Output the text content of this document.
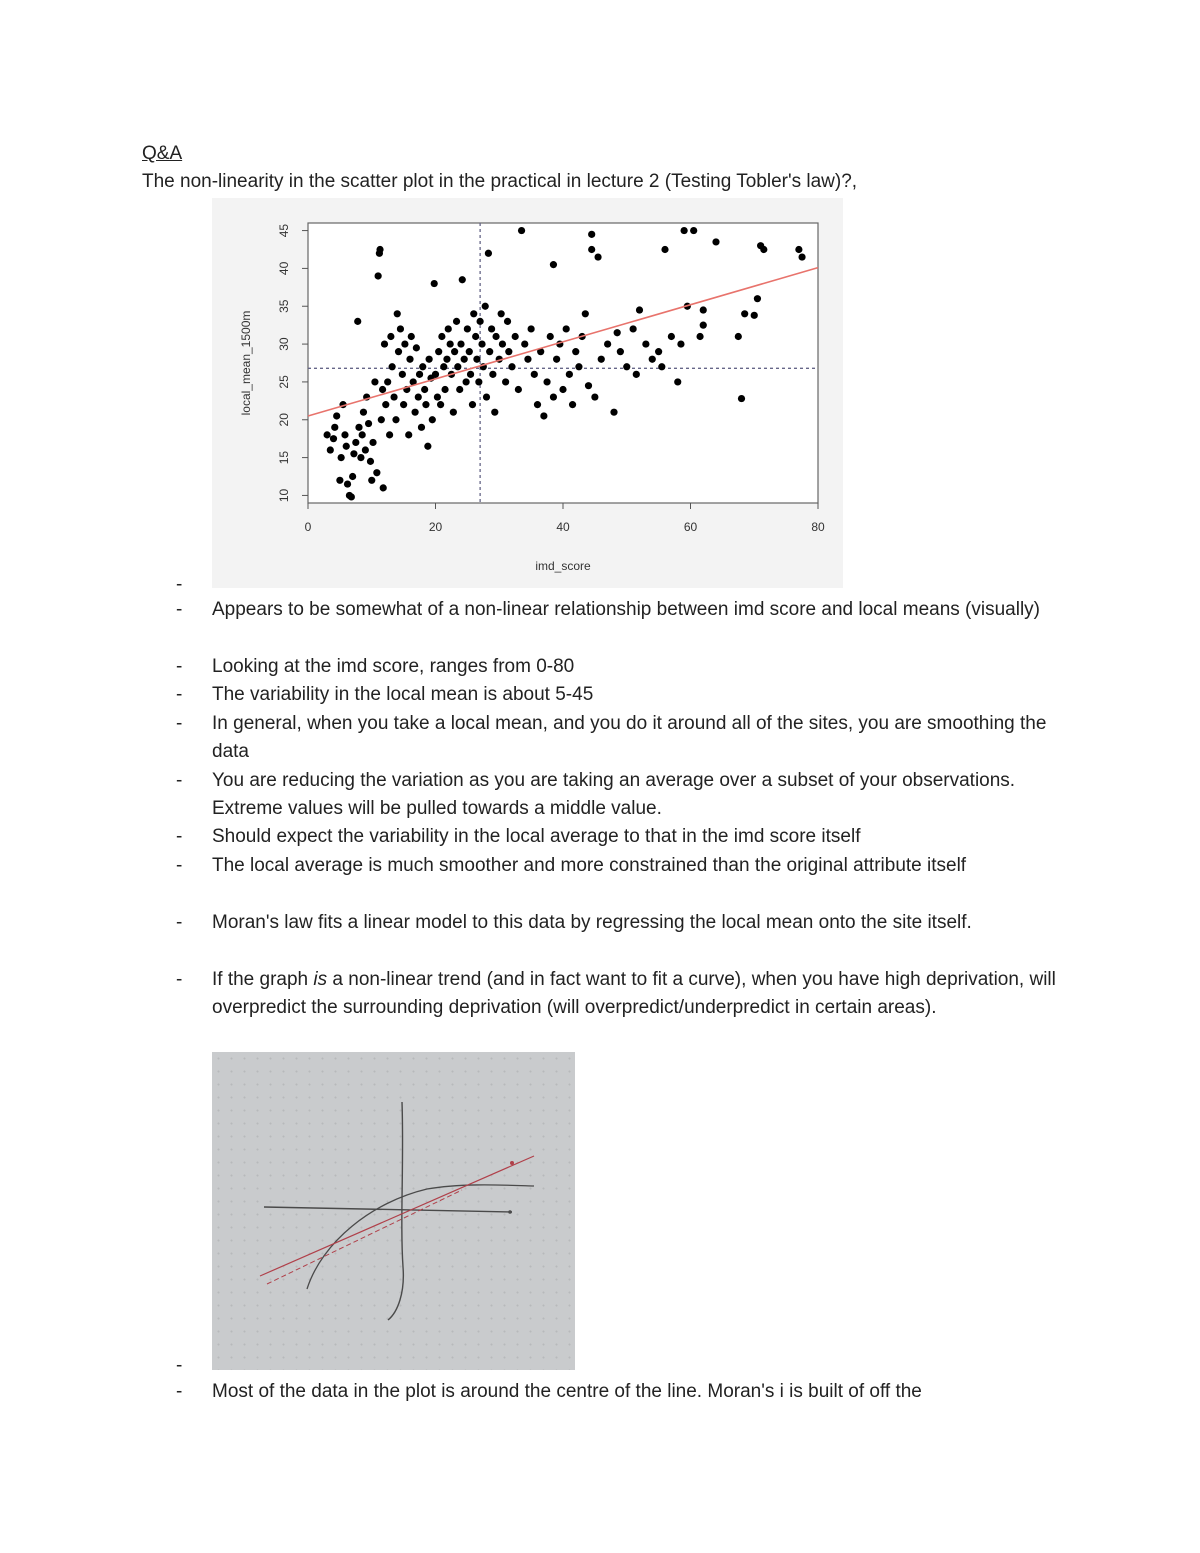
Q&A
The non-linearity in the scatter plot in the practical in lecture 2 (Testing Tobler's law)?,
0	20	40	60	80
10
15
20
25
30
35
40
45
imd_score
local_mean_1500m
-
- Appears to be somewhat of a non-linear relationship between imd score and local means (visually)
- Looking at the imd score, ranges from 0-80
- The variability in the local mean is about 5-45
- In general, when you take a local mean, and you do it around all of the sites, you are smoothing the data
- You are reducing the variation as you are taking an average over a subset of your observations. Extreme values will be pulled towards a middle value.
- Should expect the variability in the local average to that in the imd score itself
- The local average is much smoother and more constrained than the original attribute itself
- Moran's law fits a linear model to this data by regressing the local mean onto the site itself.
- If the graph is a non-linear trend (and in fact want to fit a curve), when you have high deprivation, will overpredict the surrounding deprivation (will overpredict/underpredict in certain areas).
-
- Most of the data in the plot is around the centre of the line. Moran's i is built of off the
